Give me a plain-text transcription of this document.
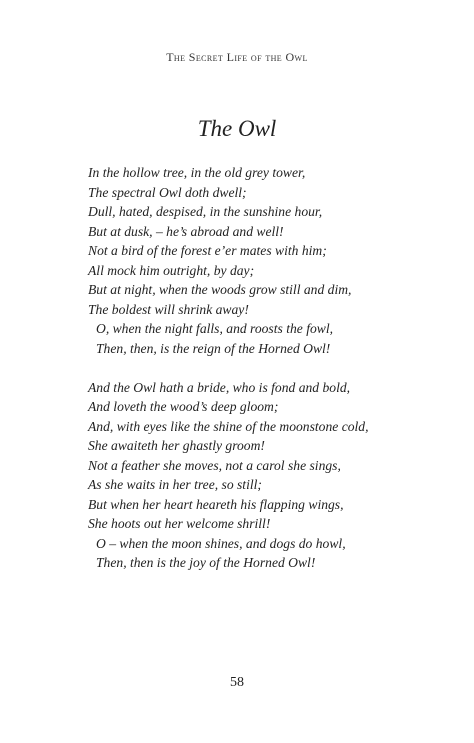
The Secret Life of the Owl
The Owl
In the hollow tree, in the old grey tower,
The spectral Owl doth dwell;
Dull, hated, despised, in the sunshine hour,
But at dusk, – he’s abroad and well!
Not a bird of the forest e’er mates with him;
All mock him outright, by day;
But at night, when the woods grow still and dim,
The boldest will shrink away!
O, when the night falls, and roosts the fowl,
Then, then, is the reign of the Horned Owl!
And the Owl hath a bride, who is fond and bold,
And loveth the wood’s deep gloom;
And, with eyes like the shine of the moonstone cold,
She awaiteth her ghastly groom!
Not a feather she moves, not a carol she sings,
As she waits in her tree, so still;
But when her heart heareth his flapping wings,
She hoots out her welcome shrill!
O – when the moon shines, and dogs do howl,
Then, then is the joy of the Horned Owl!
58
